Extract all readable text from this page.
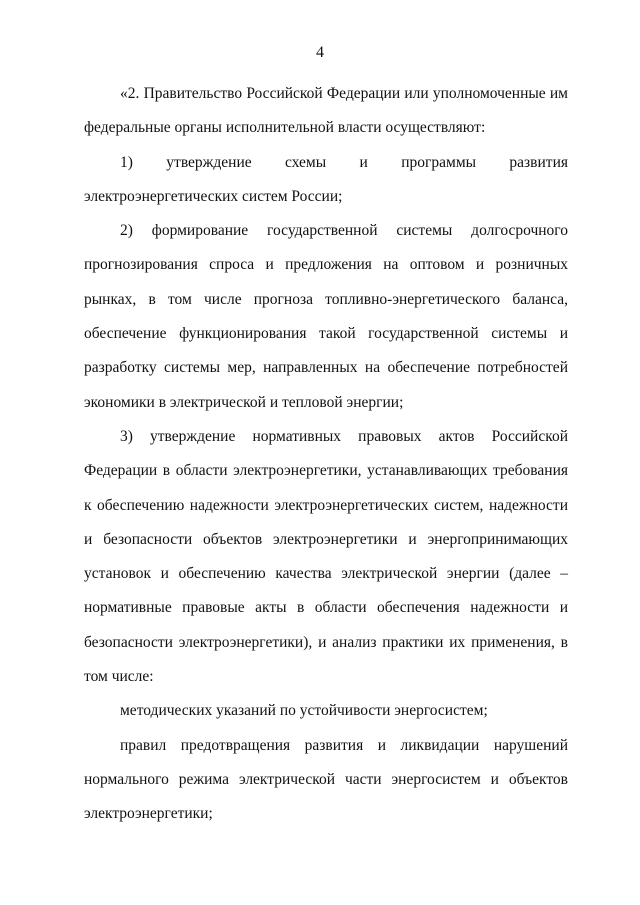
4

«2. Правительство Российской Федерации или уполномоченные им федеральные органы исполнительной власти осуществляют:

1) утверждение схемы и программы развития электроэнергетических систем России;

2) формирование государственной системы долгосрочного прогнозирования спроса и предложения на оптовом и розничных рынках, в том числе прогноза топливно-энергетического баланса, обеспечение функционирования такой государственной системы и разработку системы мер, направленных на обеспечение потребностей экономики в электрической и тепловой энергии;

3) утверждение нормативных правовых актов Российской Федерации в области электроэнергетики, устанавливающих требования к обеспечению надежности электроэнергетических систем, надежности и безопасности объектов электроэнергетики и энергопринимающих установок и обеспечению качества электрической энергии (далее – нормативные правовые акты в области обеспечения надежности и безопасности электроэнергетики), и анализ практики их применения, в том числе:

методических указаний по устойчивости энергосистем;

правил предотвращения развития и ликвидации нарушений нормального режима электрической части энергосистем и объектов электроэнергетики;
